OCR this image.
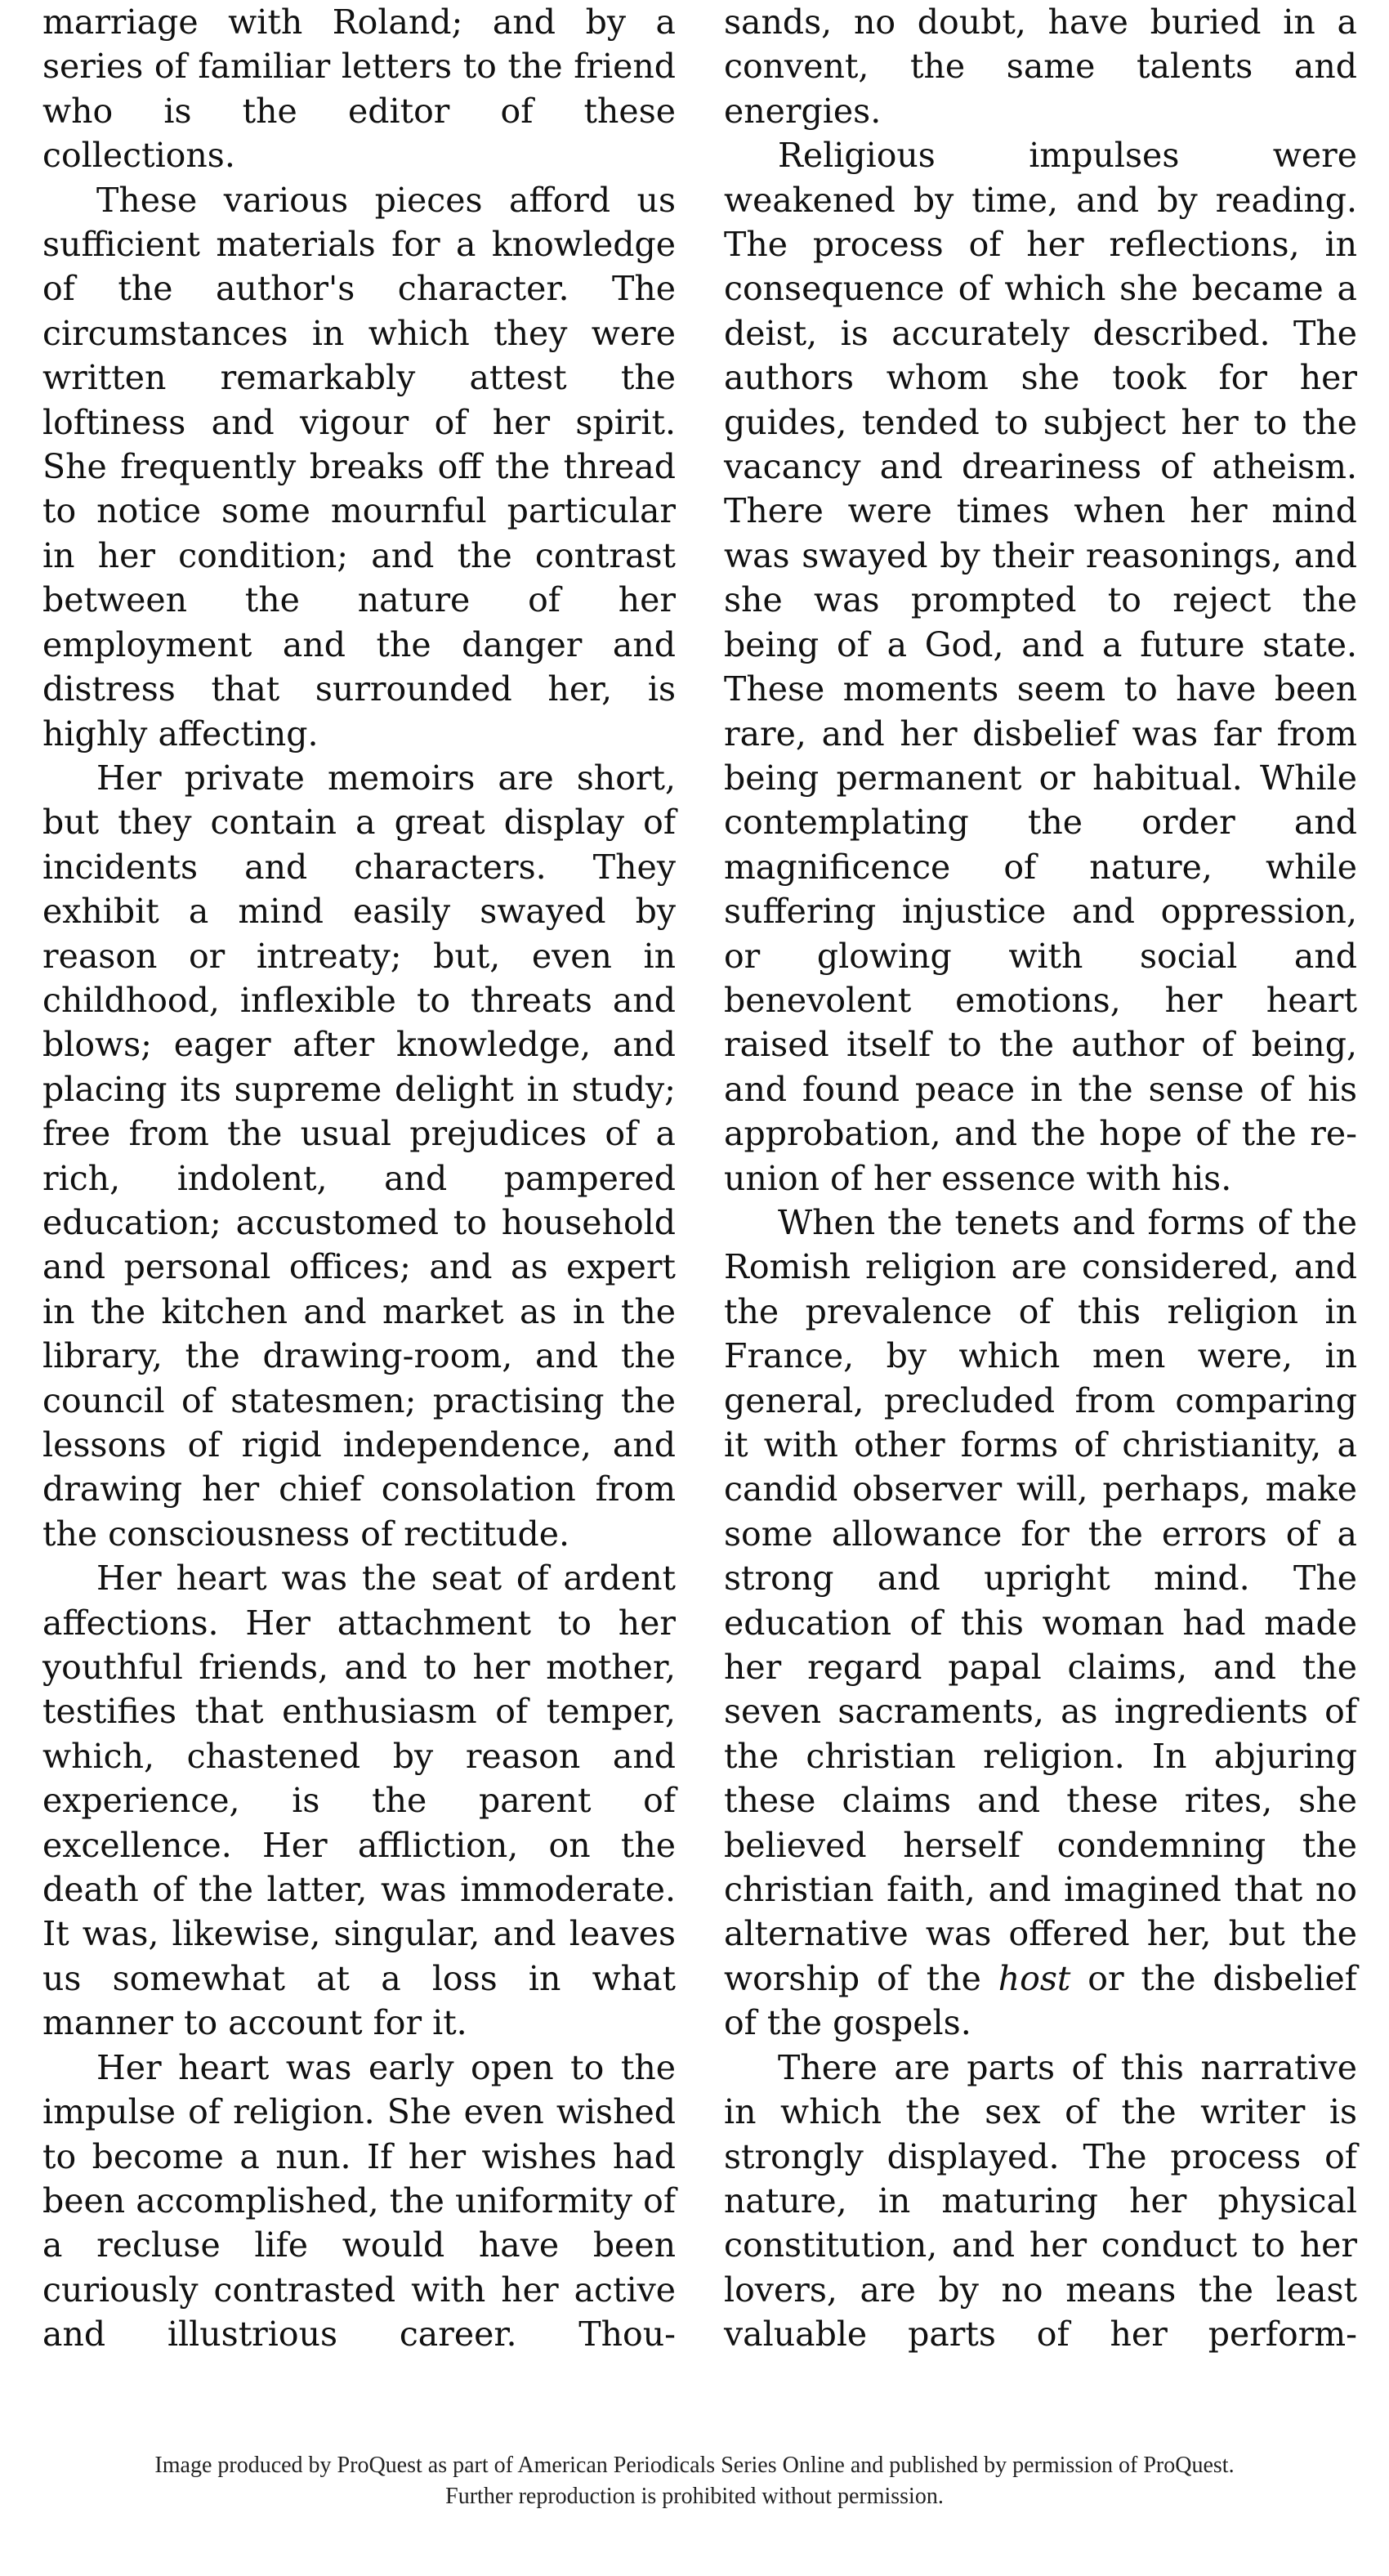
marriage with Roland; and by a series of familiar letters to the friend who is the editor of these collections.

These various pieces afford us sufficient materials for a knowledge of the author's character. The circumstances in which they were written remarkably attest the loftiness and vigour of her spirit. She frequently breaks off the thread to notice some mournful particular in her condition; and the contrast between the nature of her employment and the danger and distress that surrounded her, is highly affecting.

Her private memoirs are short, but they contain a great display of incidents and characters. They exhibit a mind easily swayed by reason or intreaty; but, even in childhood, inflexible to threats and blows; eager after knowledge, and placing its supreme delight in study; free from the usual prejudices of a rich, indolent, and pampered education; accustomed to household and personal offices; and as expert in the kitchen and market as in the library, the drawing-room, and the council of statesmen; practising the lessons of rigid independence, and drawing her chief consolation from the consciousness of rectitude.

Her heart was the seat of ardent affections. Her attachment to her youthful friends, and to her mother, testifies that enthusiasm of temper, which, chastened by reason and experience, is the parent of excellence. Her affliction, on the death of the latter, was immoderate. It was, likewise, singular, and leaves us somewhat at a loss in what manner to account for it.

Her heart was early open to the impulse of religion. She even wished to become a nun. If her wishes had been accomplished, the uniformity of a recluse life would have been curiously contrasted with her active and illustrious career. Thou-

sands, no doubt, have buried in a convent, the same talents and energies.

Religious impulses were weakened by time, and by reading. The process of her reflections, in consequence of which she became a deist, is accurately described. The authors whom she took for her guides, tended to subject her to the vacancy and dreariness of atheism. There were times when her mind was swayed by their reasonings, and she was prompted to reject the being of a God, and a future state. These moments seem to have been rare, and her disbelief was far from being permanent or habitual. While contemplating the order and magnificence of nature, while suffering injustice and oppression, or glowing with social and benevolent emotions, her heart raised itself to the author of being, and found peace in the sense of his approbation, and the hope of the re-union of her essence with his.

When the tenets and forms of the Romish religion are considered, and the prevalence of this religion in France, by which men were, in general, precluded from comparing it with other forms of christianity, a candid observer will, perhaps, make some allowance for the errors of a strong and upright mind. The education of this woman had made her regard papal claims, and the seven sacraments, as ingredients of the christian religion. In abjuring these claims and these rites, she believed herself condemning the christian faith, and imagined that no alternative was offered her, but the worship of the host or the disbelief of the gospels.

There are parts of this narrative in which the sex of the writer is strongly displayed. The process of nature, in maturing her physical constitution, and her conduct to her lovers, are by no means the least valuable parts of her perform-

Image produced by ProQuest as part of American Periodicals Series Online and published by permission of ProQuest.
Further reproduction is prohibited without permission.
